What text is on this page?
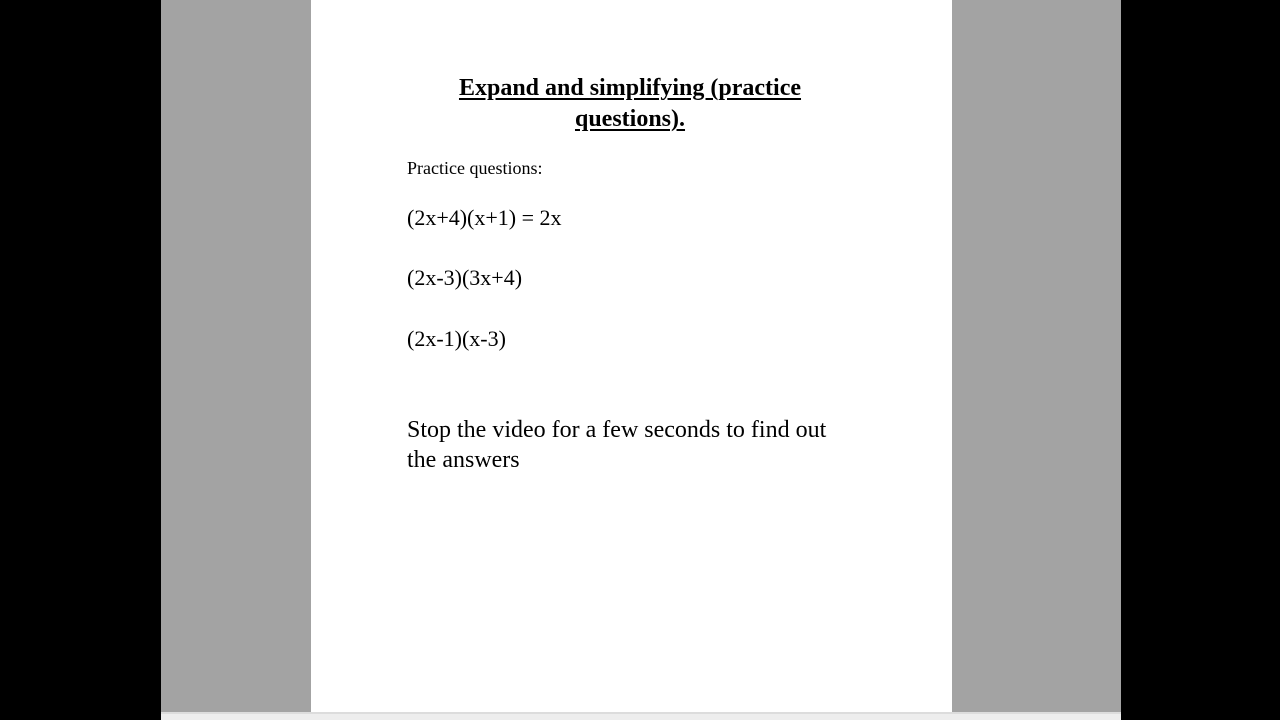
Expand and simplifying (practice questions).
Practice questions:
(2x+4)(x+1) = 2x
(2x-3)(3x+4)
(2x-1)(x-3)
Stop the video for a few seconds to find out the answers
